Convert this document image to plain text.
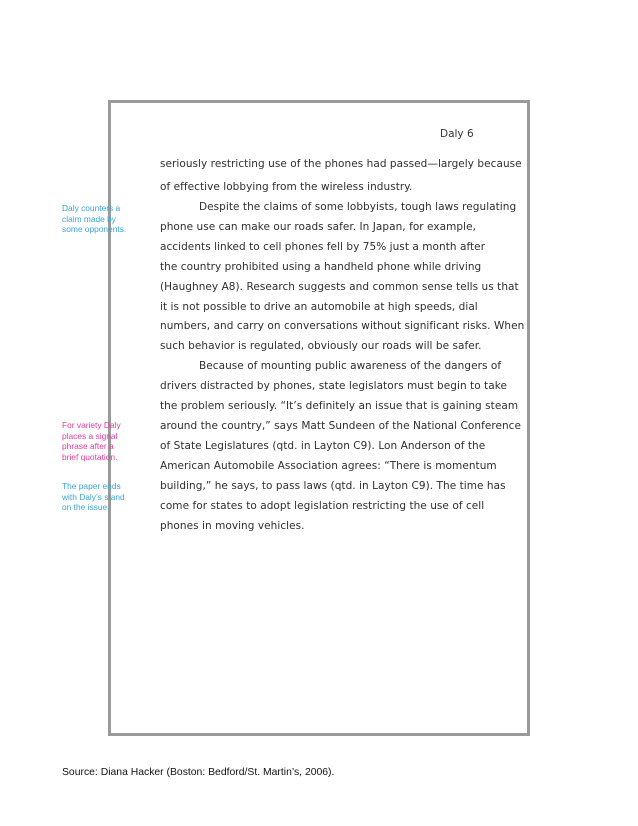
Daly 6
seriously restricting use of the phones had passed—largely because
of effective lobbying from the wireless industry.
Despite the claims of some lobbyists, tough laws regulating
phone use can make our roads safer. In Japan, for example,
accidents linked to cell phones fell by 75% just a month after
the country prohibited using a handheld phone while driving
(Haughney A8). Research suggests and common sense tells us that
it is not possible to drive an automobile at high speeds, dial
numbers, and carry on conversations without significant risks. When
such behavior is regulated, obviously our roads will be safer.
Because of mounting public awareness of the dangers of
drivers distracted by phones, state legislators must begin to take
the problem seriously. “It’s definitely an issue that is gaining steam
around the country,” says Matt Sundeen of the National Conference
of State Legislatures (qtd. in Layton C9). Lon Anderson of the
American Automobile Association agrees: “There is momentum
building,” he says, to pass laws (qtd. in Layton C9). The time has
come for states to adopt legislation restricting the use of cell
phones in moving vehicles.
Daly counters a
claim made by
some opponents.
For variety Daly
places a signal
phrase after a
brief quotation.
The paper ends
with Daly’s stand
on the issue.
Source: Diana Hacker (Boston: Bedford/St. Martin’s, 2006).
